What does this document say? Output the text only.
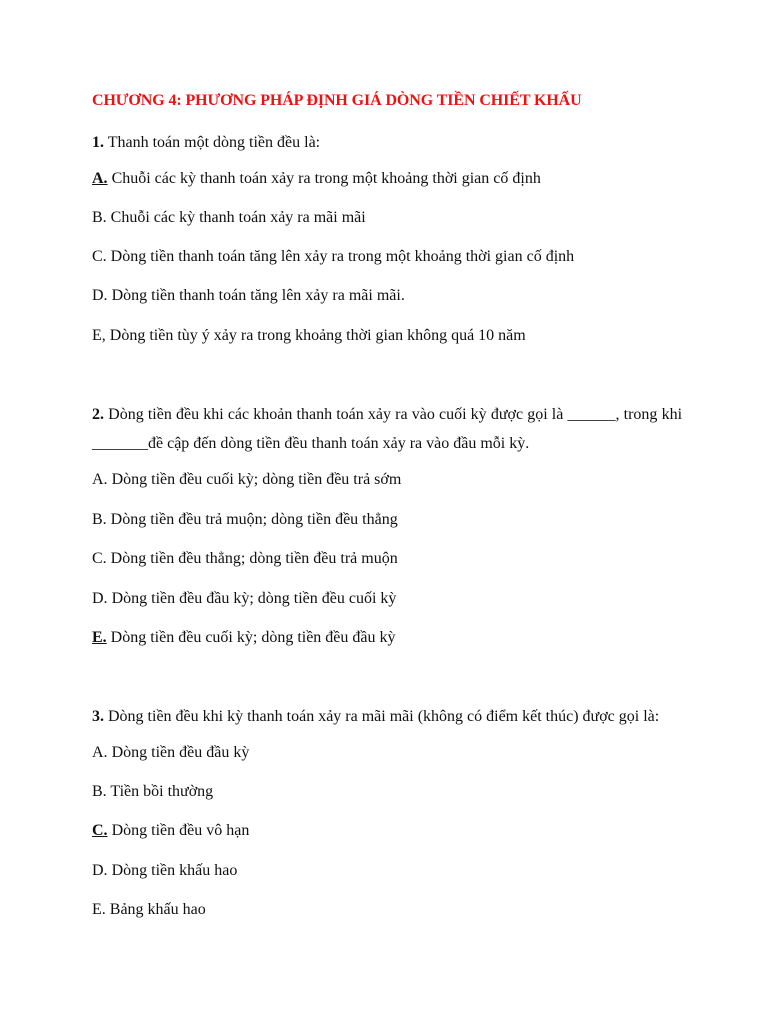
CHƯƠNG 4: PHƯƠNG PHÁP ĐỊNH GIÁ DÒNG TIỀN CHIẾT KHẤU
1. Thanh toán một dòng tiền đều là:
A. Chuỗi các kỳ thanh toán xảy ra trong một khoảng thời gian cố định
B. Chuỗi các kỳ thanh toán xảy ra mãi mãi
C. Dòng tiền thanh toán tăng lên xảy ra trong một khoảng thời gian cố định
D. Dòng tiền thanh toán tăng lên xảy ra mãi mãi.
E, Dòng tiền tùy ý xảy ra trong khoảng thời gian không quá 10 năm
2. Dòng tiền đều khi các khoản thanh toán xảy ra vào cuối kỳ được gọi là ______, trong khi _______đề cập đến dòng tiền đều thanh toán xảy ra vào đầu mỗi kỳ.
A. Dòng tiền đều cuối kỳ; dòng tiền đều trả sớm
B. Dòng tiền đều trả muộn; dòng tiền đều thẳng
C. Dòng tiền đều thẳng; dòng tiền đều trả muộn
D. Dòng tiền đều đầu kỳ; dòng tiền đều cuối kỳ
E. Dòng tiền đều cuối kỳ; dòng tiền đều đầu kỳ
3. Dòng tiền đều khi kỳ thanh toán xảy ra mãi mãi (không có điểm kết thúc) được gọi là:
A. Dòng tiền đều đầu kỳ
B. Tiền bồi thường
C. Dòng tiền đều vô hạn
D. Dòng tiền khấu hao
E. Bảng khấu hao
